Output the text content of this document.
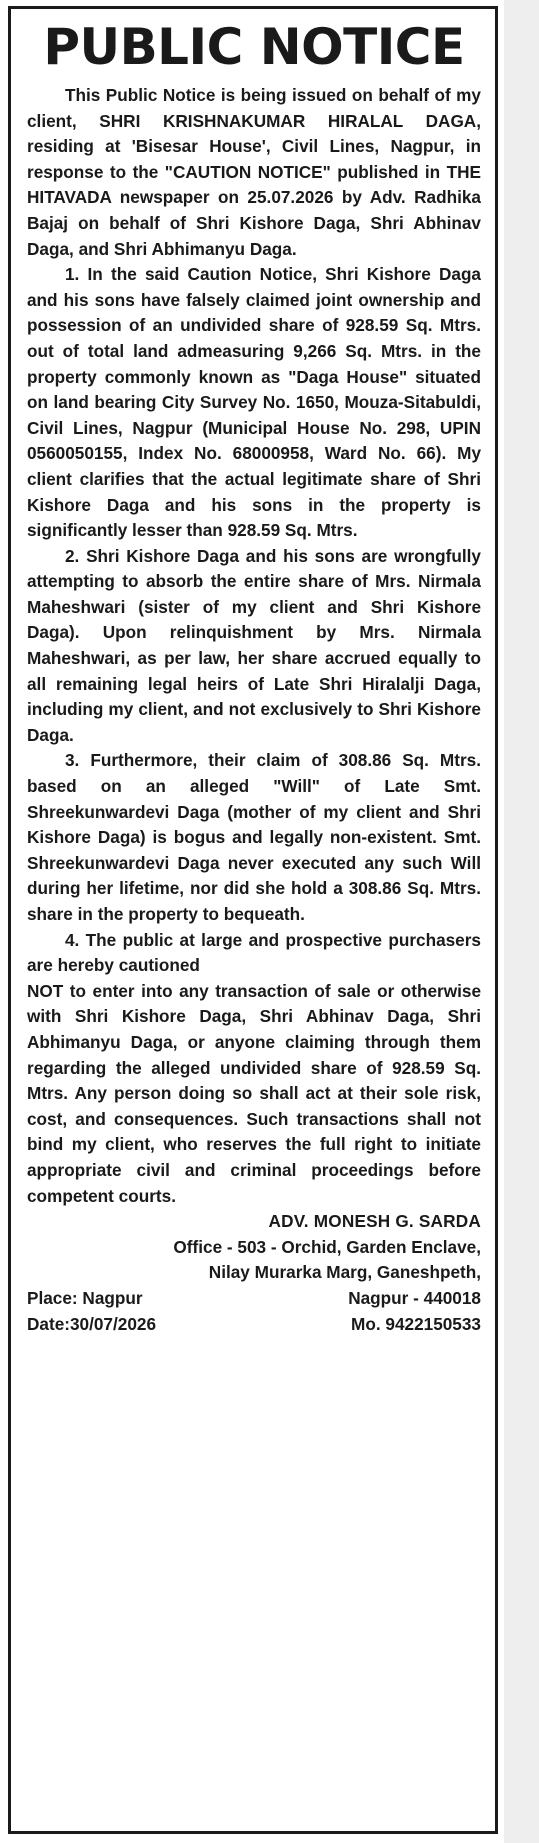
PUBLIC NOTICE

This Public Notice is being issued on behalf of my client, SHRI KRISHNAKUMAR HIRALAL DAGA, residing at 'Bisesar House', Civil Lines, Nagpur, in response to the "CAUTION NOTICE" published in THE HITAVADA newspaper on 25.07.2026 by Adv. Radhika Bajaj on behalf of Shri Kishore Daga, Shri Abhinav Daga, and Shri Abhimanyu Daga.

1. In the said Caution Notice, Shri Kishore Daga and his sons have falsely claimed joint ownership and possession of an undivided share of 928.59 Sq. Mtrs. out of total land admeasuring 9,266 Sq. Mtrs. in the property commonly known as "Daga House" situated on land bearing City Survey No. 1650, Mouza-Sitabuldi, Civil Lines, Nagpur (Municipal House No. 298, UPIN 0560050155, Index No. 68000958, Ward No. 66). My client clarifies that the actual legitimate share of Shri Kishore Daga and his sons in the property is significantly lesser than 928.59 Sq. Mtrs.

2. Shri Kishore Daga and his sons are wrongfully attempting to absorb the entire share of Mrs. Nirmala Maheshwari (sister of my client and Shri Kishore Daga). Upon relinquishment by Mrs. Nirmala Maheshwari, as per law, her share accrued equally to all remaining legal heirs of Late Shri Hiralalji Daga, including my client, and not exclusively to Shri Kishore Daga.

3. Furthermore, their claim of 308.86 Sq. Mtrs. based on an alleged "Will" of Late Smt. Shreekunwardevi Daga (mother of my client and Shri Kishore Daga) is bogus and legally non-existent. Smt. Shreekunwardevi Daga never executed any such Will during her lifetime, nor did she hold a 308.86 Sq. Mtrs. share in the property to bequeath.

4. The public at large and prospective purchasers are hereby cautioned

NOT to enter into any transaction of sale or otherwise with Shri Kishore Daga, Shri Abhinav Daga, Shri Abhimanyu Daga, or anyone claiming through them regarding the alleged undivided share of 928.59 Sq. Mtrs. Any person doing so shall act at their sole risk, cost, and consequences. Such transactions shall not bind my client, who reserves the full right to initiate appropriate civil and criminal proceedings before competent courts.

ADV. MONESH G. SARDA
Office - 503 - Orchid, Garden Enclave,
Nilay Murarka Marg, Ganeshpeth,
Place: Nagpur	Nagpur - 440018
Date:30/07/2026	Mo. 9422150533
